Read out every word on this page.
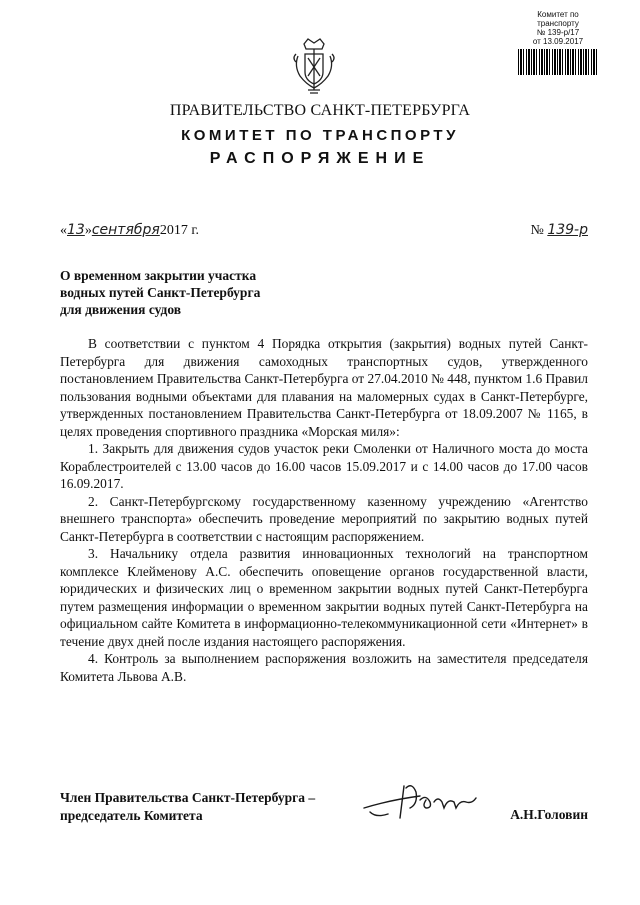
Комитет по транспорту
№ 139-р/17
от 13.09.2017
ПРАВИТЕЛЬСТВО САНКТ-ПЕТЕРБУРГА
КОМИТЕТ ПО ТРАНСПОРТУ
РАСПОРЯЖЕНИЕ
«13»сентября2017 г.	№ 139-р
О временном закрытии участка
водных путей Санкт-Петербурга
для движения судов

В соответствии с пунктом 4 Порядка открытия (закрытия) водных путей Санкт-Петербурга для движения самоходных транспортных судов, утвержденного постановлением Правительства Санкт-Петербурга от 27.04.2010 № 448, пунктом 1.6 Правил пользования водными объектами для плавания на маломерных судах в Санкт-Петербурге, утвержденных постановлением Правительства Санкт-Петербурга от 18.09.2007 № 1165, в целях проведения спортивного праздника «Морская миля»:

1. Закрыть для движения судов участок реки Смоленки от Наличного моста до моста Кораблестроителей с 13.00 часов до 16.00 часов 15.09.2017 и с 14.00 часов до 17.00 часов 16.09.2017.

2. Санкт-Петербургскому государственному казенному учреждению «Агентство внешнего транспорта» обеспечить проведение мероприятий по закрытию водных путей Санкт-Петербурга в соответствии с настоящим распоряжением.

3. Начальнику отдела развития инновационных технологий на транспортном комплексе Клейменову А.С. обеспечить оповещение органов государственной власти, юридических и физических лиц о временном закрытии водных путей Санкт-Петербурга путем размещения информации о временном закрытии водных путей Санкт-Петербурга на официальном сайте Комитета в информационно-телекоммуникационной сети «Интернет» в течение двух дней после издания настоящего распоряжения.

4. Контроль за выполнением распоряжения возложить на заместителя председателя Комитета Львова А.В.

Член Правительства Санкт-Петербурга –
председатель Комитета	А.Н.Головин
